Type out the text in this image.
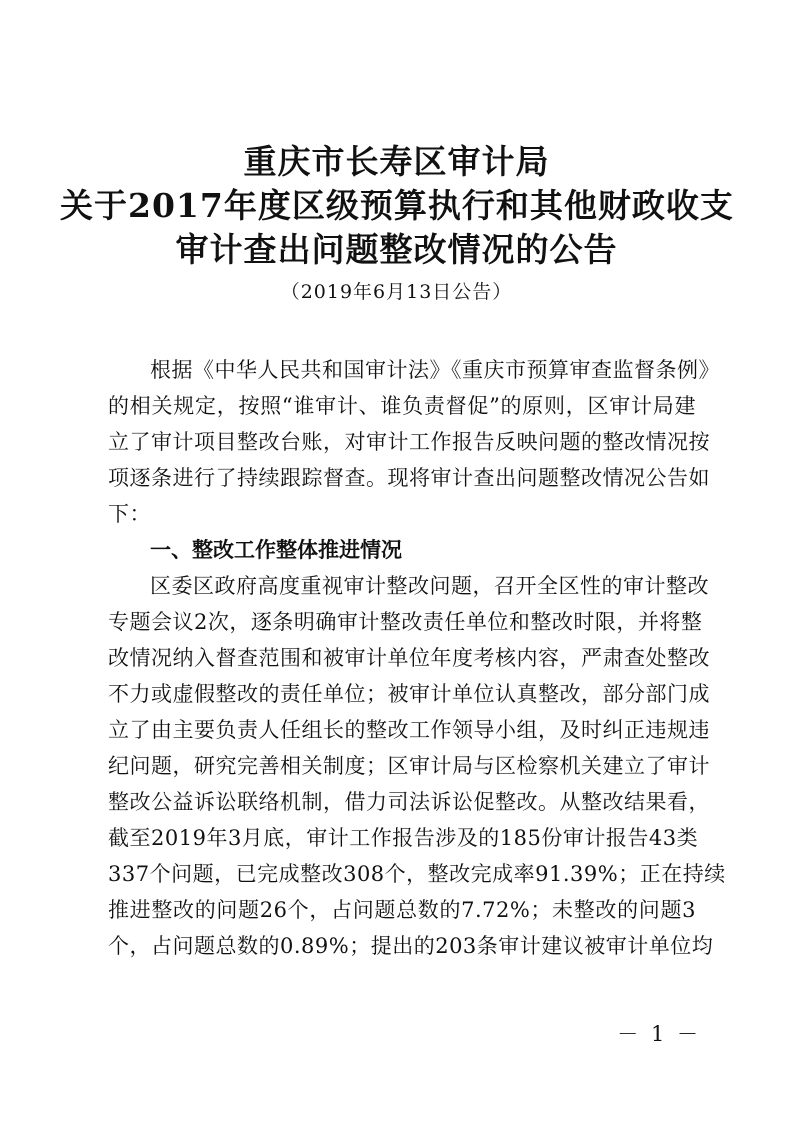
重庆市长寿区审计局
关于2017年度区级预算执行和其他财政收支
审计查出问题整改情况的公告
（2019年6月13日公告）
根据《中华人民共和国审计法》《重庆市预算审查监督条例》
的相关规定，按照“谁审计、谁负责督促”的原则，区审计局建
立了审计项目整改台账，对审计工作报告反映问题的整改情况按
项逐条进行了持续跟踪督查。现将审计查出问题整改情况公告如
下：
一、整改工作整体推进情况
区委区政府高度重视审计整改问题，召开全区性的审计整改
专题会议2次，逐条明确审计整改责任单位和整改时限，并将整
改情况纳入督查范围和被审计单位年度考核内容，严肃查处整改
不力或虚假整改的责任单位；被审计单位认真整改，部分部门成
立了由主要负责人任组长的整改工作领导小组，及时纠正违规违
纪问题，研究完善相关制度；区审计局与区检察机关建立了审计
整改公益诉讼联络机制，借力司法诉讼促整改。从整改结果看，
截至2019年3月底，审计工作报告涉及的185份审计报告43类
337个问题，已完成整改308个，整改完成率91.39%；正在持续
推进整改的问题26个，占问题总数的7.72%；未整改的问题3
个，占问题总数的0.89%；提出的203条审计建议被审计单位均
－ 1 －
